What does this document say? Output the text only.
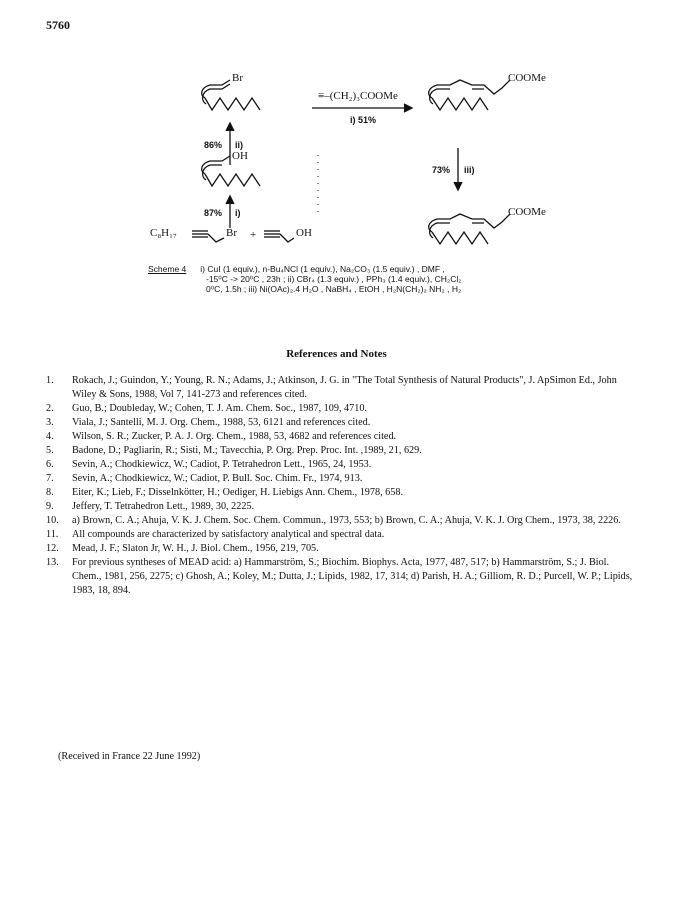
5760
Br
≡–(CH₂)₃COOMe
i) 51%
COOMe
86% ii)
OH
73% iii)
87% i)
C₈H₁₇	Br +	OH
COOMe
Scheme 4	i) CuI (1 equiv.), n-Bu₄NCl (1 equiv.), Na₂CO₃ (1.5 equiv.) , DMF ,
-15⁰C -> 20⁰C , 23h ; ii) CBr₄ (1.3 equiv.) , PPh₃ (1.4 equiv.), CH₂Cl₂
0⁰C, 1.5h ; iii) Ni(OAc)₂.4 H₂O , NaBH₄ , EtOH , H₂N(CH₂)₂ NH₂ , H₂
References and Notes
1.	Rokach, J.; Guindon, Y.; Young, R. N.; Adams, J.; Atkinson, J. G. in "The Total Synthesis of Natural Products", J. ApSimon Ed., John Wiley & Sons, 1988, Vol 7, 141-273 and references cited.
2.	Guo, B.; Doubleday, W.; Cohen, T. J. Am. Chem. Soc., 1987, 109, 4710.
3.	Viala, J.; Santelli, M. J. Org. Chem., 1988, 53, 6121 and references cited.
4.	Wilson, S. R.; Zucker, P. A. J. Org. Chem., 1988, 53, 4682 and references cited.
5.	Badone, D.; Pagliarin, R.; Sisti, M.; Tavecchia, P. Org. Prep. Proc. Int. ,1989, 21, 629.
6.	Sevin, A.; Chodkiewicz, W.; Cadiot, P. Tetrahedron Lett., 1965, 24, 1953.
7.	Sevin, A.; Chodkiewicz, W.; Cadiot, P. Bull. Soc. Chim. Fr., 1974, 913.
8.	Eiter, K.; Lieb, F.; Disselnkötter, H.; Oediger, H. Liebigs Ann. Chem., 1978, 658.
9.	Jeffery, T. Tetrahedron Lett., 1989, 30, 2225.
10.	a) Brown, C. A.; Ahuja, V. K. J. Chem. Soc. Chem. Commun., 1973, 553; b) Brown, C. A.; Ahuja, V. K. J. Org Chem., 1973, 38, 2226.
11.	All compounds are characterized by satisfactory analytical and spectral data.
12.	Mead, J. F.; Slaton Jr, W. H., J. Biol. Chem., 1956, 219, 705.
13.	For previous syntheses of MEAD acid: a) Hammarström, S.; Biochim. Biophys. Acta, 1977, 487, 517; b) Hammarström, S.; J. Biol. Chem., 1981, 256, 2275; c) Ghosh, A.; Koley, M.; Dutta, J.; Lipids, 1982, 17, 314; d) Parish, H. A.; Gilliom, R. D.; Purcell, W. P.; Lipids, 1983, 18, 894.
(Received in France 22 June 1992)
